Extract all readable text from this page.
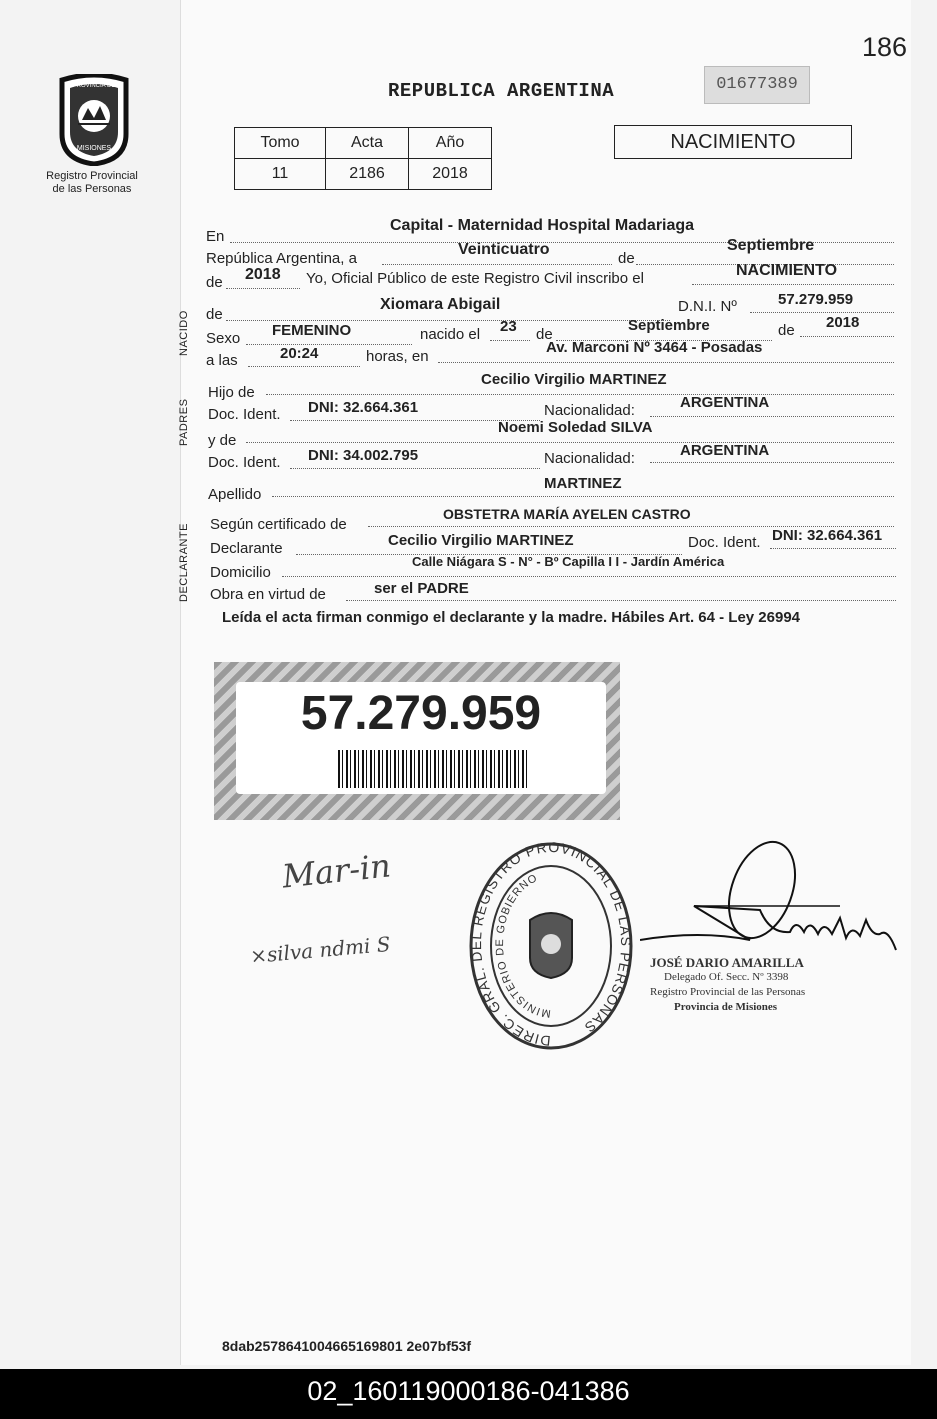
186
PROVINCIA DE
MISIONES
Registro Provincial
de las Personas
REPUBLICA ARGENTINA	01677389
Tomo	Acta	Año
11	2186	2018
NACIMIENTO
NACIDO
PADRES
DECLARANTE
En
Capital - Maternidad Hospital Madariaga
República Argentina, a
Veinticuatro
de
Septiembre
de 2018 Yo, Oficial Público de este Registro Civil inscribo el	NACIMIENTO
de
Xiomara Abigail	D.N.I. Nº	57.279.959
Sexo FEMENINO	nacido el 23 de
Septiembre	de 2018
a las	20:24	horas, en
Av. Marconi Nº 3464 - Posadas
Hijo de
Cecilio Virgilio MARTINEZ
Doc. Ident. DNI: 32.664.361	Nacionalidad:	ARGENTINA
y de
Noemi Soledad SILVA
Doc. Ident. DNI: 34.002.795	Nacionalidad:	ARGENTINA
Apellido
MARTINEZ
Según certificado de
OBSTETRA MARÍA AYELEN CASTRO
Declarante	Cecilio Virgilio MARTINEZ	Doc. Ident. DNI: 32.664.361
Domicilio
Calle Niágara S - N° - Bº Capilla I I - Jardín América
Obra en virtud de	ser el PADRE
Leída el acta firman conmigo el declarante y la madre. Hábiles Art. 64 - Ley 26994
57.279.959
Mar-in
×silva ndmi S
DIREC. GRAL. DEL REGISTRO PROVINCIAL DE LAS PERSONAS
MINISTERIO DE GOBIERNO
JOSÉ DARIO AMARILLA
Delegado Of. Secc. Nº 3398
Registro Provincial de las Personas
Provincia de Misiones
8dab2578641004665169801 2e07bf53f
02_160119000186-041386
